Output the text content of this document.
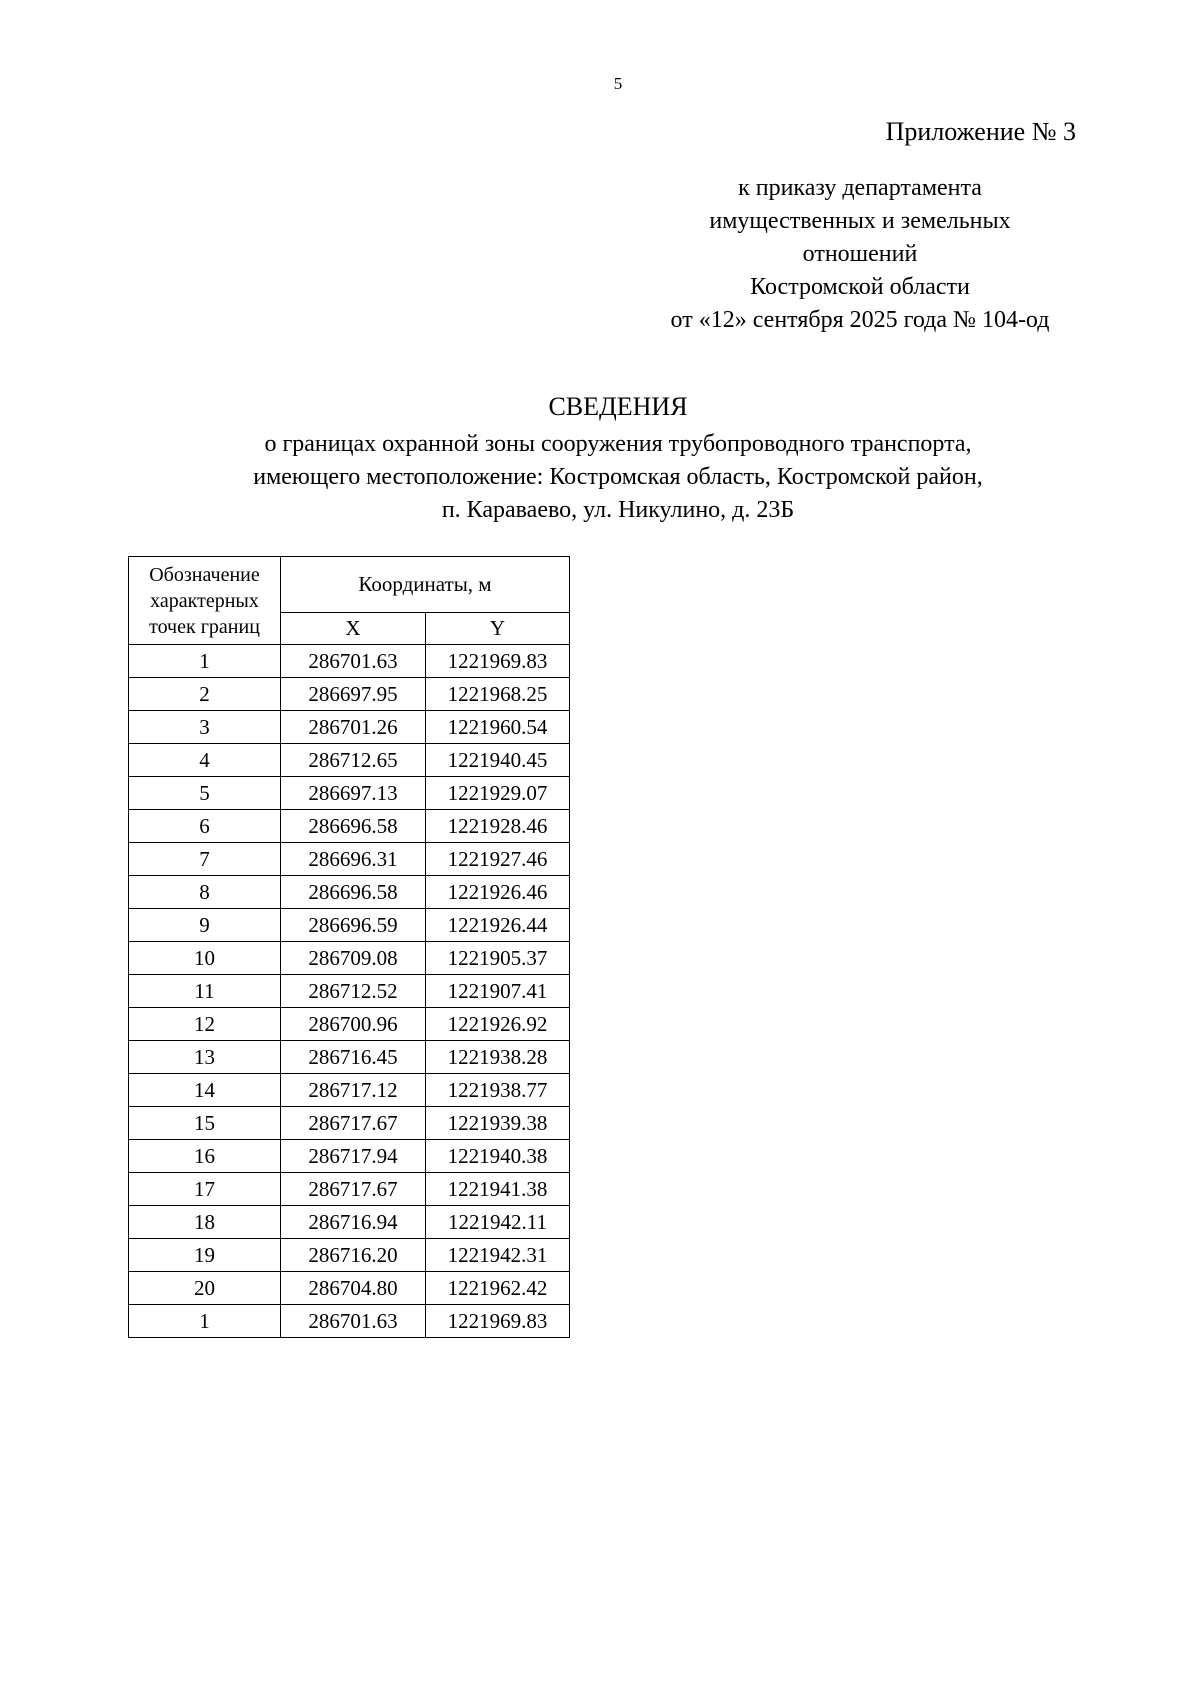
5
Приложение № 3
к приказу департамента
имущественных и земельных
отношений
Костромской области
от «12» сентября 2025 года № 104-од
СВЕДЕНИЯ
о границах охранной зоны сооружения трубопроводного транспорта,
имеющего местоположение: Костромская область, Костромской район,
п. Караваево, ул. Никулино, д. 23Б
Обозначение характерных точек границ	Координаты, м	
	X	Y
1	286701.63	1221969.83
2	286697.95	1221968.25
3	286701.26	1221960.54
4	286712.65	1221940.45
5	286697.13	1221929.07
6	286696.58	1221928.46
7	286696.31	1221927.46
8	286696.58	1221926.46
9	286696.59	1221926.44
10	286709.08	1221905.37
11	286712.52	1221907.41
12	286700.96	1221926.92
13	286716.45	1221938.28
14	286717.12	1221938.77
15	286717.67	1221939.38
16	286717.94	1221940.38
17	286717.67	1221941.38
18	286716.94	1221942.11
19	286716.20	1221942.31
20	286704.80	1221962.42
1	286701.63	1221969.83
